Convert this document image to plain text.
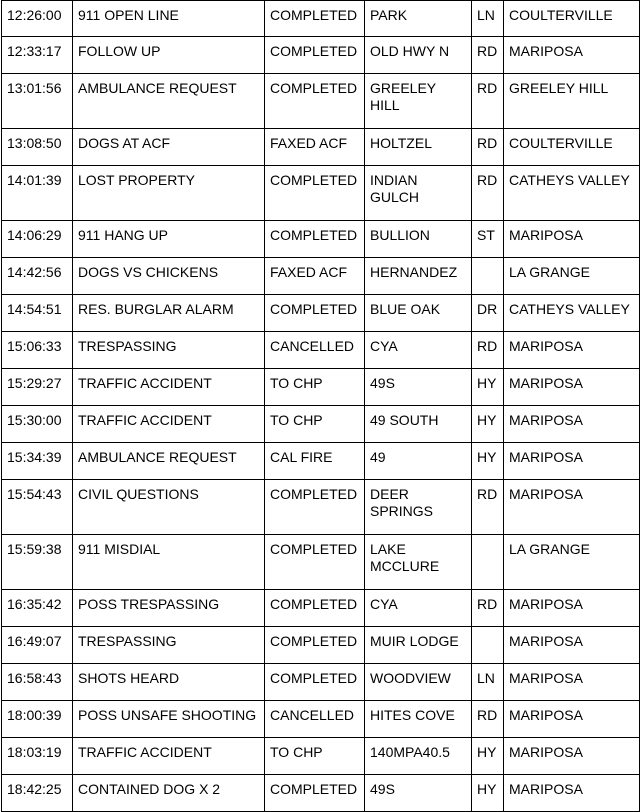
12:26:00	911 OPEN LINE	COMPLETED	PARK	LN	COULTERVILLE
12:33:17	FOLLOW UP	COMPLETED	OLD HWY N	RD	MARIPOSA
13:01:56	AMBULANCE REQUEST	COMPLETED	GREELEY HILL	RD	GREELEY HILL
13:08:50	DOGS AT ACF	FAXED ACF	HOLTZEL	RD	COULTERVILLE
14:01:39	LOST PROPERTY	COMPLETED	INDIAN GULCH	RD	CATHEYS VALLEY
14:06:29	911 HANG UP	COMPLETED	BULLION	ST	MARIPOSA
14:42:56	DOGS VS CHICKENS	FAXED ACF	HERNANDEZ		LA GRANGE
14:54:51	RES. BURGLAR ALARM	COMPLETED	BLUE OAK	DR	CATHEYS VALLEY
15:06:33	TRESPASSING	CANCELLED	CYA	RD	MARIPOSA
15:29:27	TRAFFIC ACCIDENT	TO CHP	49S	HY	MARIPOSA
15:30:00	TRAFFIC ACCIDENT	TO CHP	49 SOUTH	HY	MARIPOSA
15:34:39	AMBULANCE REQUEST	CAL FIRE	49	HY	MARIPOSA
15:54:43	CIVIL QUESTIONS	COMPLETED	DEER SPRINGS	RD	MARIPOSA
15:59:38	911 MISDIAL	COMPLETED	LAKE MCCLURE		LA GRANGE
16:35:42	POSS TRESPASSING	COMPLETED	CYA	RD	MARIPOSA
16:49:07	TRESPASSING	COMPLETED	MUIR LODGE		MARIPOSA
16:58:43	SHOTS HEARD	COMPLETED	WOODVIEW	LN	MARIPOSA
18:00:39	POSS UNSAFE SHOOTING	CANCELLED	HITES COVE	RD	MARIPOSA
18:03:19	TRAFFIC ACCIDENT	TO CHP	140MPA40.5	HY	MARIPOSA
18:42:25	CONTAINED DOG X 2	COMPLETED	49S	HY	MARIPOSA
